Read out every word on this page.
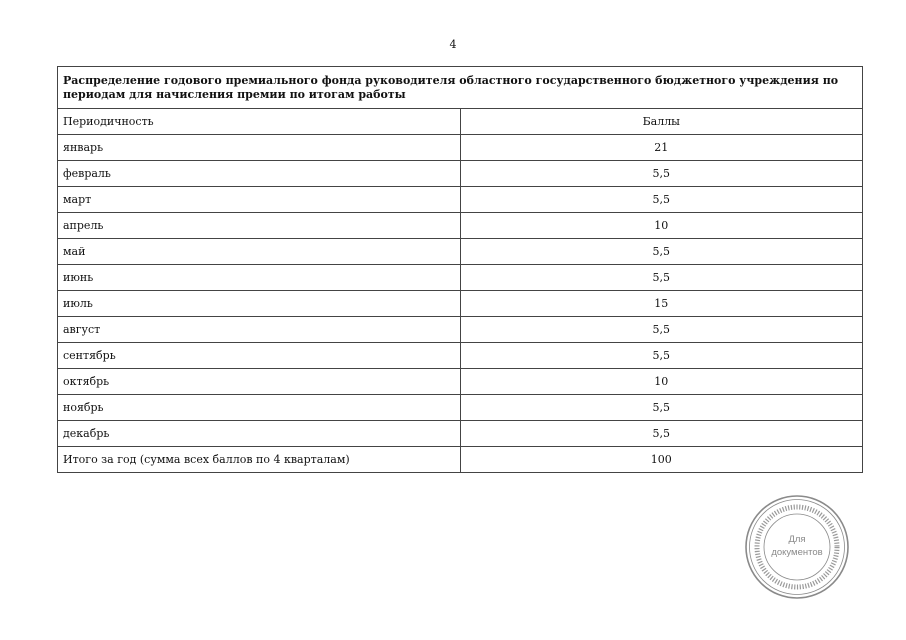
4
Распределение годового премиального фонда руководителя областного государственного бюджетного учреждения по периодам для начисления премии по итогам работы	
Периодичность	Баллы
январь	21
февраль	5,5
март	5,5
апрель	10
май	5,5
июнь	5,5
июль	15
август	5,5
сентябрь	5,5
октябрь	10
ноябрь	5,5
декабрь	5,5
Итого за год (сумма всех баллов по 4 кварталам)	100
Для
документов
